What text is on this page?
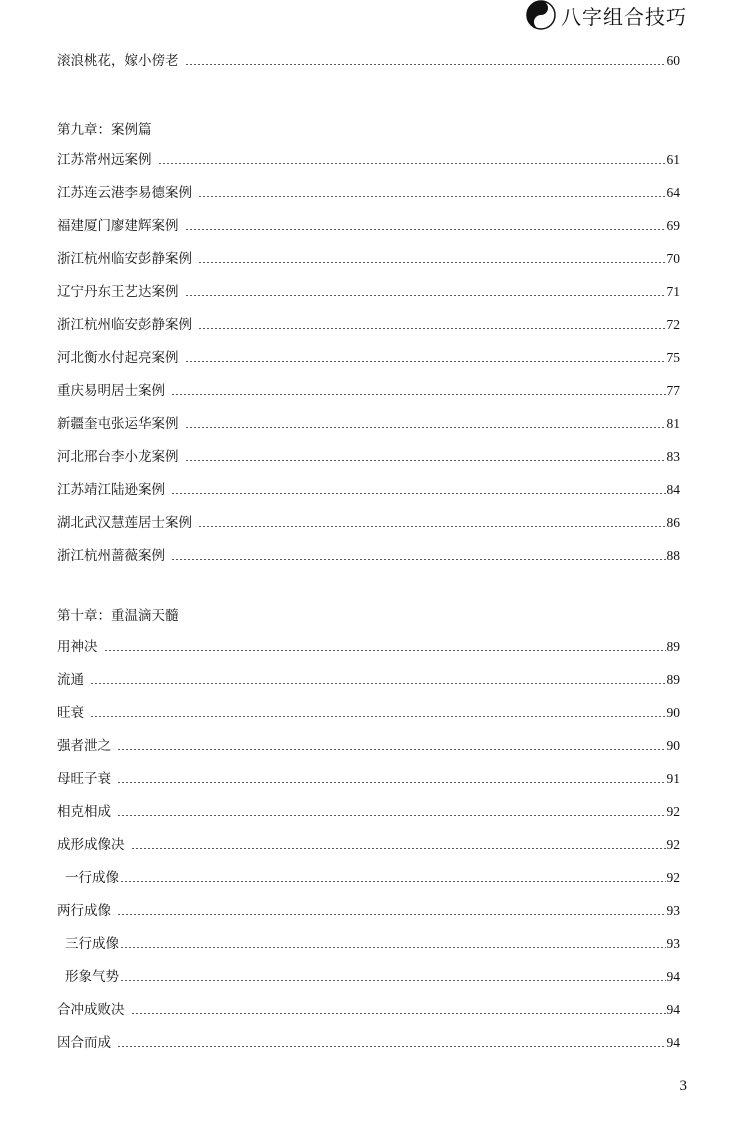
八字组合技巧
滚浪桃花，嫁小傍老	60
第九章：案例篇
江苏常州远案例	61
江苏连云港李易德案例	64
福建厦门廖建辉案例	69
浙江杭州临安彭静案例	70
辽宁丹东王艺达案例	71
浙江杭州临安彭静案例	72
河北衡水付起亮案例	75
重庆易明居士案例	77
新疆奎屯张运华案例	81
河北邢台李小龙案例	83
江苏靖江陆逊案例	84
湖北武汉慧莲居士案例	86
浙江杭州蔷薇案例	88
第十章：重温滴天髓
用神决	89
流通	89
旺衰	90
强者泄之	90
母旺子衰	91
相克相成	92
成形成像决	92
一行成像	92
两行成像	93
三行成像	93
形象气势	94
合冲成败决	94
因合而成	94
3
